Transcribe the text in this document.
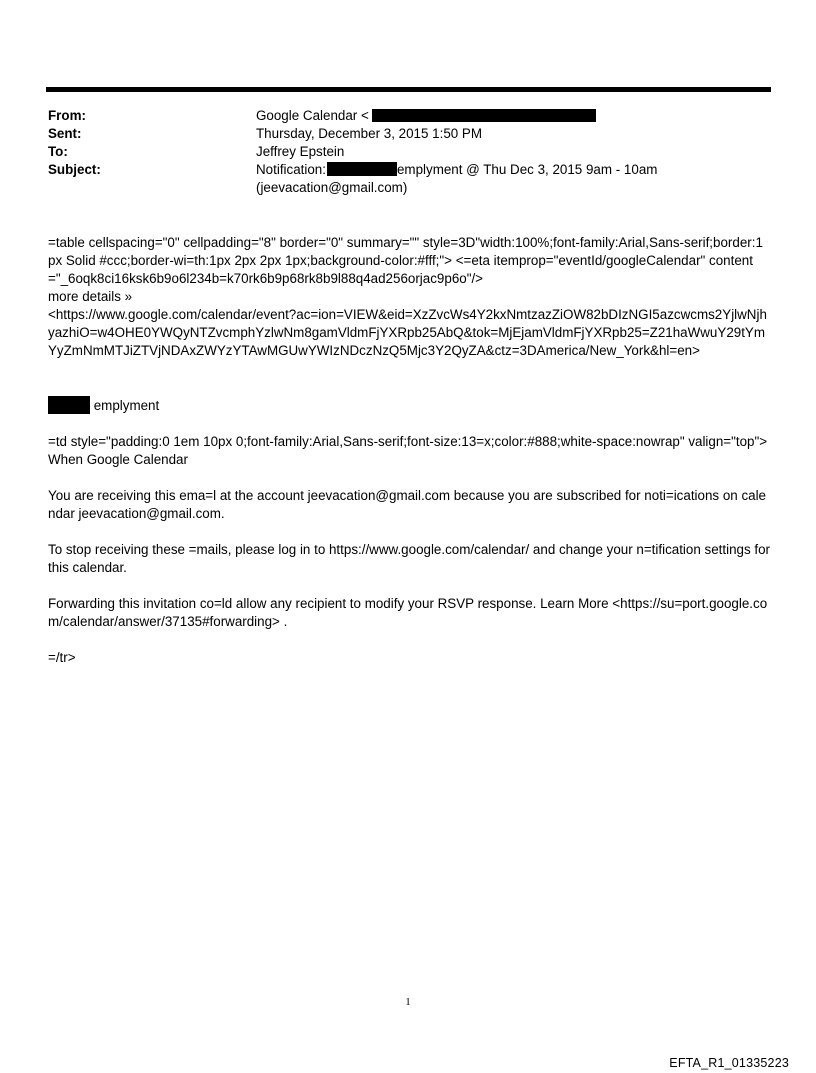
From:	Google Calendar <
Sent:	Thursday, December 3, 2015 1:50 PM
To:	Jeffrey Epstein
Subject:	Notification:	emplyment @ Thu Dec 3, 2015 9am - 10am
(jeevacation@gmail.com)

=table cellspacing="0" cellpadding="8" border="0" summary="" style=3D"width:100%;font-family:Arial,Sans-serif;border:1px Solid #ccc;border-wi=th:1px 2px 2px 1px;background-color:#fff;"> <=eta itemprop="eventId/googleCalendar" content="_6oqk8ci16ksk6b9o6l234b=k70rk6b9p68rk8b9l88q4ad256orjac9p6o"/>

more details »

<https://www.google.com/calendar/event?ac=ion=VIEW&eid=XzZvcWs4Y2kxNmtzazZiOW82bDIzNGI5azcwcms2YjlwNjhyazhiO=w4OHE0YWQyNTZvcmphYzlwNm8gamVldmFjYXRpb25AbQ&tok=MjEjamVldmFjYXRpb25=Z21haWwuY29tYmYyZmNmMTJiZTVjNDAxZWYzYTAwMGUwYWIzNDczNzQ5Mjc3Y2QyZA&ctz=3DAmerica/New_York&hl=en>

emplyment

=td style="padding:0 1em 10px 0;font-family:Arial,Sans-serif;font-size:13=x;color:#888;white-space:nowrap" valign="top"> When Google Calendar

You are receiving this ema=l at the account jeevacation@gmail.com because you are subscribed for noti=ications on calendar jeevacation@gmail.com.

To stop receiving these =mails, please log in to https://www.google.com/calendar/ and change your n=tification settings for this calendar.

Forwarding this invitation co=ld allow any recipient to modify your RSVP response. Learn More <https://su=port.google.com/calendar/answer/37135#forwarding> .

=/tr>

1
EFTA_R1_01335223
